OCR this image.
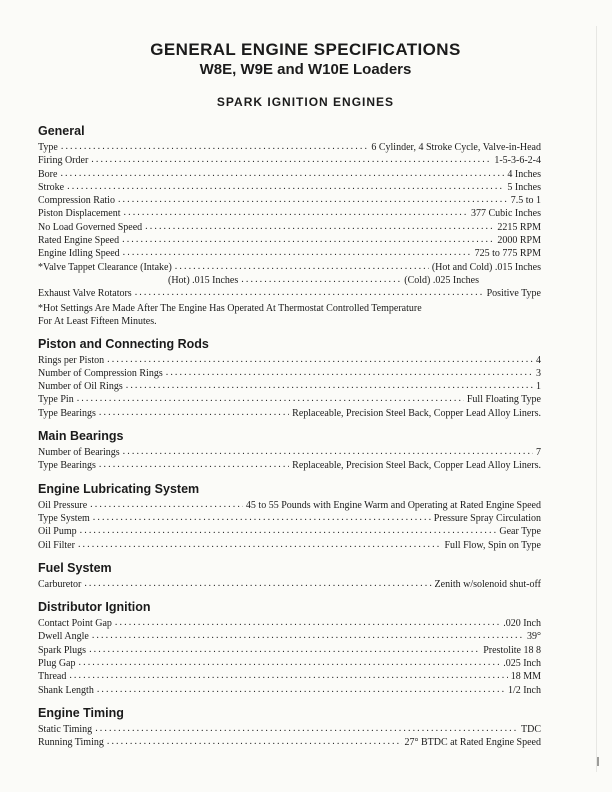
GENERAL ENGINE SPECIFICATIONS
W8E, W9E and W10E Loaders
SPARK IGNITION ENGINES
General
Type .....	6 Cylinder, 4 Stroke Cycle, Valve-in-Head
Firing Order .....	1-5-3-6-2-4
Bore .....	4 Inches
Stroke .....	5 Inches
Compression Ratio .....	7.5 to 1
Piston Displacement .....	377 Cubic Inches
No Load Governed Speed .....	2215 RPM
Rated Engine Speed .....	2000 RPM
Engine Idling Speed .....	725 to 775 RPM
*Valve Tappet Clearance (Intake) .....	(Hot and Cold) .015 Inches
(Hot) .015 Inches .....	(Cold) .025 Inches
Exhaust Valve Rotators .....	Positive Type
*Hot Settings Are Made After The Engine Has Operated At Thermostat Controlled Temperature
For At Least Fifteen Minutes.
Piston and Connecting Rods
Rings per Piston .....	4
Number of Compression Rings .....	3
Number of Oil Rings .....	1
Type Pin .....	Full Floating Type
Type Bearings .....	Replaceable, Precision Steel Back, Copper Lead Alloy Liners.
Main Bearings
Number of Bearings .....	7
Type Bearings .....	Replaceable, Precision Steel Back, Copper Lead Alloy Liners.
Engine Lubricating System
Oil Pressure .....	45 to 55 Pounds with Engine Warm and Operating at Rated Engine Speed
Type System .....	Pressure Spray Circulation
Oil Pump .....	Gear Type
Oil Filter .....	Full Flow, Spin on Type
Fuel System
Carburetor .....	Zenith w/solenoid shut-off
Distributor Ignition
Contact Point Gap .....	.020 Inch
Dwell Angle .....	39°
Spark Plugs .....	Prestolite 18 8
Plug Gap .....	.025 Inch
Thread .....	18 MM
Shank Length .....	1/2 Inch
Engine Timing
Static Timing .....	TDC
Running Timing .....	27° BTDC at Rated Engine Speed
